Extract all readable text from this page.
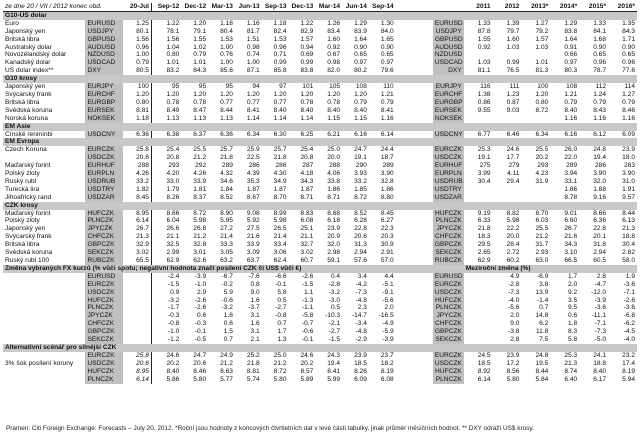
ze dne 20 / VII / 2012 konec obd.		20-Jul	Sep-12	Dec-12	Mar-13	Jun-13	Sep-13	Dec-13	Mar-14	Jun-14	Sep-14			2011	2012	2013*	2014*	2015*	2016*
G10-US dolar																			
Euro	EURUSD	1.25	1.22	1.20	1.18	1.16	1.18	1.22	1.26	1.29	1.30		EURUSD	1.33	1.39	1.27	1.29	1.33	1.35
Japonský yen	USDJPY	80.1	78.1	79.1	80.4	81.7	82.4	82.9	83.4	83.9	84.0		USDJPY	87.8	79.7	79.2	83.8	84.1	84.3
Britská libra	GBPUSD	1.56	1.56	1.55	1.53	1.51	1.53	1.57	1.60	1.64	1.65		GBPUSD	1.55	1.60	1.57	1.64	1.68	1.71
Australský dolar	AUDUSD	0.96	1.04	1.02	1.00	0.98	0.96	0.94	0.92	0.90	0.90		AUDUSD	0.92	1.03	1.03	0.91	0.90	0.90
Novozélandský dolar	NZDUSD	1.00	0.80	0.79	0.76	0.74	0.71	0.69	0.67	0.65	0.65		NZDUSD				0.66	0.65	0.65
Kanadský dolar	USDCAD	0.79	1.01	1.01	1.00	1.00	0.99	0.99	0.98	0.97	0.97		USDCAD	1.03	0.99	1.01	0.97	0.96	0.96
US dolar index**	DXY	80.5	83.2	84.3	85.6	87.1	85.8	83.8	82.0	80.2	79.6		DXY	81.1	76.5	81.3	80.3	78.7	77.6
G10 krosy																			
Japonský yen	EURJPY	100	95	95	95	94	97	101	105	108	110		EURJPY	116	111	100	108	112	114
Švýcarský frank	EURCHF	1.20	1.20	1.20	1.20	1.20	1.20	1.20	1.20	1.20	1.21		EURCHF	1.38	1.23	1.20	1.21	1.24	1.27
Britská libra	EURGBP	0.80	0.78	0.78	0.77	0.77	0.77	0.78	0.78	0.79	0.79		EURGBP	0.86	0.87	0.80	0.79	0.79	0.79
Švédská koruna	EURSEK	8.81	8.49	8.47	8.44	8.41	8.40	8.40	8.40	8.40	8.41		EURSEK	9.55	9.03	8.72	8.40	8.43	8.46
Norská koruna	NOKSEK	1.18	1.13	1.13	1.13	1.14	1.14	1.14	1.15	1.15	1.16		NOKSEK				1.16	1.16	1.16
EM Asie																			
Čínské renminbi	USDCNY	6.36	6.38	6.37	6.36	6.34	6.30	6.25	6.21	6.16	6.14		USDCNY	6.77	6.46	6.34	6.16	6.12	6.09
EM Evropa																			
Czech Koruna	EURCZK	25.8	25.4	25.5	25.7	25.9	25.7	25.4	25.0	24.7	24.4		EURCZK	25.3	24.6	25.5	26.0	24.8	23.9
	USDCZK	20.6	20.8	21.2	21.8	22.5	21.8	20.8	20.0	19.1	18.7		USDCZK	19.1	17.7	20.2	22.0	19.4	18.0
Maďarský forint	EURHUF	288	293	292	289	286	286	287	288	290	289		EURHUF	275	279	293	289	286	283
Polský zloty	EURPLN	4.26	4.20	4.26	4.32	4.39	4.30	4.18	4.06	3.93	3.90		EURPLN	3.99	4.11	4.23	3.94	3.90	3.90
Ruský rubl	USDRUB	33.2	33.0	33.9	34.6	35.3	34.9	34.3	33.8	33.2	32.8		USDRUB	30.4	29.4	31.9	33.1	32.0	31.0
Turecká lira	USDTRY	1.82	1.79	1.81	1.84	1.87	1.87	1.87	1.86	1.85	1.86		USDTRY				1.86	1.88	1.91
Jihoafrický rand	USDZAR	8.45	8.26	8.37	8.52	8.67	8.70	8.71	8.71	8.72	8.80		USDZAR				8.78	9.16	9.57
CZK krosy																			
Maďarský forint	HUFCZK	8.95	8.66	8.72	8.90	9.08	8.99	8.83	8.68	8.52	8.45		HUFCZK	9.19	8.82	8.70	9.01	8.66	8.44
Polský zloty	PLNCZK	6.14	6.04	5.98	5.95	5.92	5.98	6.08	6.18	6.28	6.27		PLNCZK	6.33	5.98	6.03	6.60	6.36	6.13
Japonský yen	JPYCZK	26.7	26.6	26.8	27.2	27.5	26.5	25.1	23.9	22.8	22.3		JPYCZK	21.8	22.2	25.5	26.7	22.8	21.3
Švýcarský frank	CHFCZK	21.3	21.1	21.2	21.4	21.6	21.4	21.1	20.9	20.6	20.3		CHFCZK	18.3	20.0	21.2	21.6	20.1	18.8
Britská libra	GBPCZK	32.9	32.5	32.8	33.3	33.9	33.4	32.7	32.0	31.3	30.9		GBPCZK	29.5	28.4	31.7	34.3	31.8	30.4
Švédská koruna	SEKCZK	3.02	2.99	3.01	3.05	3.09	3.06	3.02	2.98	2.94	2.91		SEKCZK	2.65	2.72	2.93	3.10	2.94	2.82
Ruský rubl 100	RUBCZK	65.5	62.9	62.6	63.2	63.7	62.4	60.7	59.1	57.6	57.0		RUBCZK	62.9	60.2	63.0	66.5	60.5	58.0
Změna vybraných FX kurzů (% vůči spotu; negativní hodnota značí posílení CZK či US$ vůči €)														Meziroční změna (%)					
	EURUSD		-2.4	-3.9	-6.7	-7.6	-6.6	-2.6	0.4	3.4	4.4		EURUSD		4.9	-6.9	1.7	2.8	1.9
	EURCZK		-1.5	-1.0	-0.2	0.8	-0.1	-1.5	-2.8	-4.2	-5.1		EURCZK		-2.8	3.8	2.0	-4.7	-3.6
	USDCZK		0.9	2.9	5.9	9.0	5.8	1.1	-3.2	-7.3	-9.1		USDCZK		-7.3	13.9	9.2	-12.0	-7.1
	HUFCZK		-3.2	-2.6	-0.6	1.6	0.5	-1.3	-3.0	-4.8	-5.6		HUFCZK		-4.0	-1.4	3.5	-3.9	-2.6
	PLNCZK		-1.7	-2.6	-3.2	-3.7	-2.7	-1.1	0.5	2.3	2.0		PLNCZK		-5.6	0.7	9.5	-3.6	-3.6
	JPYCZK		-0.3	0.6	1.8	3.1	-0.8	-5.8	-10.3	-14.7	-16.5		JPYCZK		2.0	14.8	0.6	-11.1	-6.8
	CHFCZK		-0.8	-0.3	0.6	1.6	0.7	-0.7	-2.1	-3.4	-4.9		CHFCZK		9.0	6.2	1.8	-7.1	-6.2
	GBPCZK		-1.0	-0.1	1.5	3.1	1.7	-0.6	-2.7	-4.8	-5.9		GBPCZK		-3.8	11.8	8.3	-7.3	-4.5
	SEKCZK		-1.2	-0.5	0.7	2.1	1.3	-0.1	-1.5	-2.9	-3.9		SEKCZK		2.8	7.5	5.8	-5.0	-4.0
Alternativní scénář pro silnější CZK																			
	EURCZK	25.8	24.6	24.7	24.9	25.2	25.0	24.6	24.3	23.9	23.7		EURCZK	24.5	23.9	24.8	25.3	24.1	23.2
3% šok posílení koruny	USDCZK	20.6	20.2	20.6	21.2	21.8	21.2	20.2	19.4	18.5	18.2		USDCZK	18.5	17.2	19.5	21.3	18.8	17.4
	HUFCZK	8.95	8.40	8.46	8.63	8.81	8.72	8.57	8.41	8.26	8.19		HUFCZK	8.92	8.56	8.44	8.74	8.40	8.19
	PLNCZK	6.14	5.86	5.80	5.77	5.74	5.80	5.89	5.99	6.09	6.08		PLNCZK	6.14	5.80	5.84	6.40	6.17	5.94
Pramen: Citi Foreign Exchange: Forecasts – July 20, 2012. *Roční jsou hodnoty z koncových čtvrtletních dat v levé části tabulky, jinak průměr měsíčních hodnot. ** DXY odráží US$ krosy.
